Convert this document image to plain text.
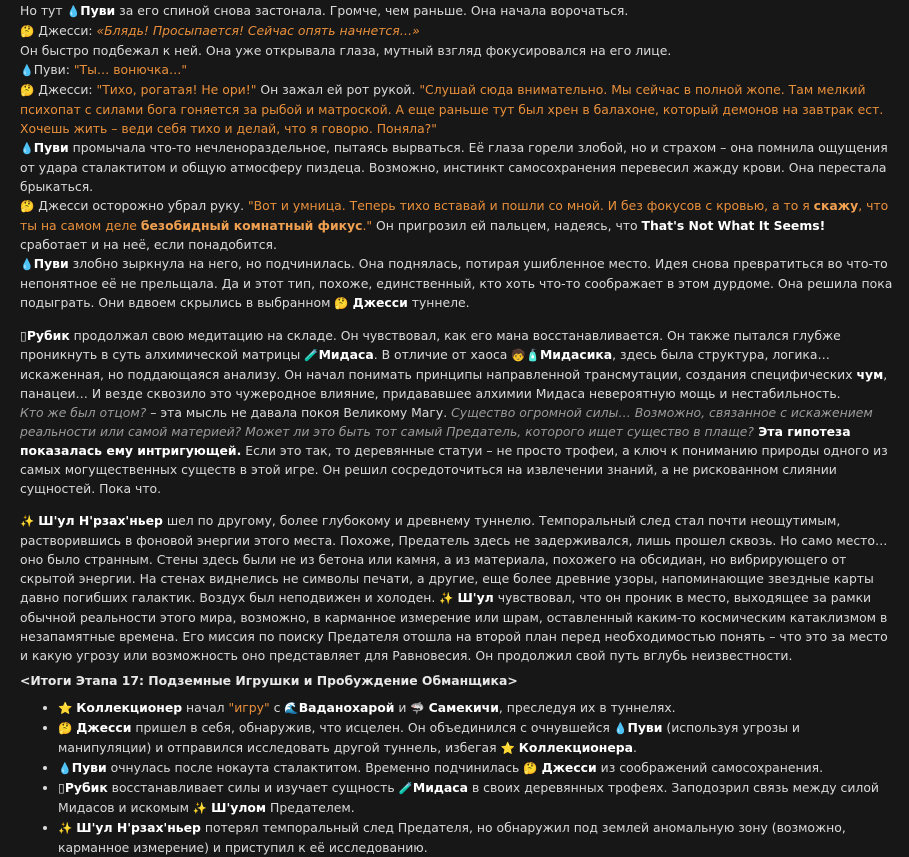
Но тут 💧Пуви за его спиной снова застонала. Громче, чем раньше. Она начала ворочаться.

🤔 Джесси: «Блядь! Просыпается! Сейчас опять начнется…»

Он быстро подбежал к ней. Она уже открывала глаза, мутный взгляд фокусировался на его лице.

💧Пуви: "Ты… вонючка…"

🤔 Джесси: "Тихо, рогатая! Не ори!" Он зажал ей рот рукой. "Слушай сюда внимательно. Мы сейчас в полной жопе. Там мелкий психопат с силами бога гоняется за рыбой и матроской. А еще раньше тут был хрен в балахоне, который демонов на завтрак ест. Хочешь жить – веди себя тихо и делай, что я говорю. Поняла?"

💧Пуви промычала что-то нечленораздельное, пытаясь вырваться. Её глаза горели злобой, но и страхом – она помнила ощущения от удара сталактитом и общую атмосферу пиздеца. Возможно, инстинкт самосохранения перевесил жажду крови. Она перестала брыкаться.

🤔 Джесси осторожно убрал руку. "Вот и умница. Теперь тихо вставай и пошли со мной. И без фокусов с кровью, а то я скажу, что ты на самом деле безобидный комнатный фикус." Он пригрозил ей пальцем, надеясь, что That's Not What It Seems! сработает и на неё, если понадобится.

💧Пуви злобно зыркнула на него, но подчинилась. Она поднялась, потирая ушибленное место. Идея снова превратиться во что-то непонятное её не прельщала. Да и этот тип, похоже, единственный, кто хоть что-то соображает в этом дурдоме. Она решила пока подыграть. Они вдвоем скрылись в выбранном 🤔 Джесси туннеле.

▯Рубик продолжал свою медитацию на складе. Он чувствовал, как его мана восстанавливается. Он также пытался глубже проникнуть в суть алхимической матрицы 🧪Мидаса. В отличие от хаоса 🧒🧴Мидасика, здесь была структура, логика… искаженная, но поддающаяся анализу. Он начал понимать принципы направленной трансмутации, создания специфических чум, панацеи… И везде сквозило это чужеродное влияние, придававшее алхимии Мидаса невероятную мощь и нестабильность.

Кто же был отцом? – эта мысль не давала покоя Великому Магу. Существо огромной силы… Возможно, связанное с искажением реальности или самой материей? Может ли это быть тот самый Предатель, которого ищет существо в плаще? Эта гипотеза показалась ему интригующей. Если это так, то деревянные статуи – не просто трофеи, а ключ к пониманию природы одного из самых могущественных существ в этой игре. Он решил сосредоточиться на извлечении знаний, а не рискованном слиянии сущностей. Пока что.

✨ Ш'ул Н'рзах'ньер шел по другому, более глубокому и древнему туннелю. Темпоральный след стал почти неощутимым, растворившись в фоновой энергии этого места. Похоже, Предатель здесь не задерживался, лишь прошел сквозь. Но само место… оно было странным. Стены здесь были не из бетона или камня, а из материала, похожего на обсидиан, но вибрирующего от скрытой энергии. На стенах виднелись не символы печати, а другие, еще более древние узоры, напоминающие звездные карты давно погибших галактик. Воздух был неподвижен и холоден. ✨ Ш'ул чувствовал, что он проник в место, выходящее за рамки обычной реальности этого мира, возможно, в карманное измерение или шрам, оставленный каким-то космическим катаклизмом в незапамятные времена. Его миссия по поиску Предателя отошла на второй план перед необходимостью понять – что это за место и какую угрозу или возможность оно представляет для Равновесия. Он продолжил свой путь вглубь неизвестности.

<Итоги Этапа 17: Подземные Игрушки и Пробуждение Обманщика>

• ⭐ Коллекционер начал "игру" с 🌊Ваданохарой и 🦈 Самекичи, преследуя их в туннелях.
• 🤔 Джесси пришел в себя, обнаружив, что исцелен. Он объединился с очнувшейся 💧Пуви (используя угрозы и манипуляции) и отправился исследовать другой туннель, избегая ⭐ Коллекционера.
• 💧Пуви очнулась после нокаута сталактитом. Временно подчинилась 🤔 Джесси из соображений самосохранения.
• ▯Рубик восстанавливает силы и изучает сущность 🧪Мидаса в своих деревянных трофеях. Заподозрил связь между силой Мидасов и искомым ✨ Ш'улом Предателем.
• ✨ Ш'ул Н'рзах'ньер потерял темпоральный след Предателя, но обнаружил под землей аномальную зону (возможно, карманное измерение) и приступил к её исследованию.
